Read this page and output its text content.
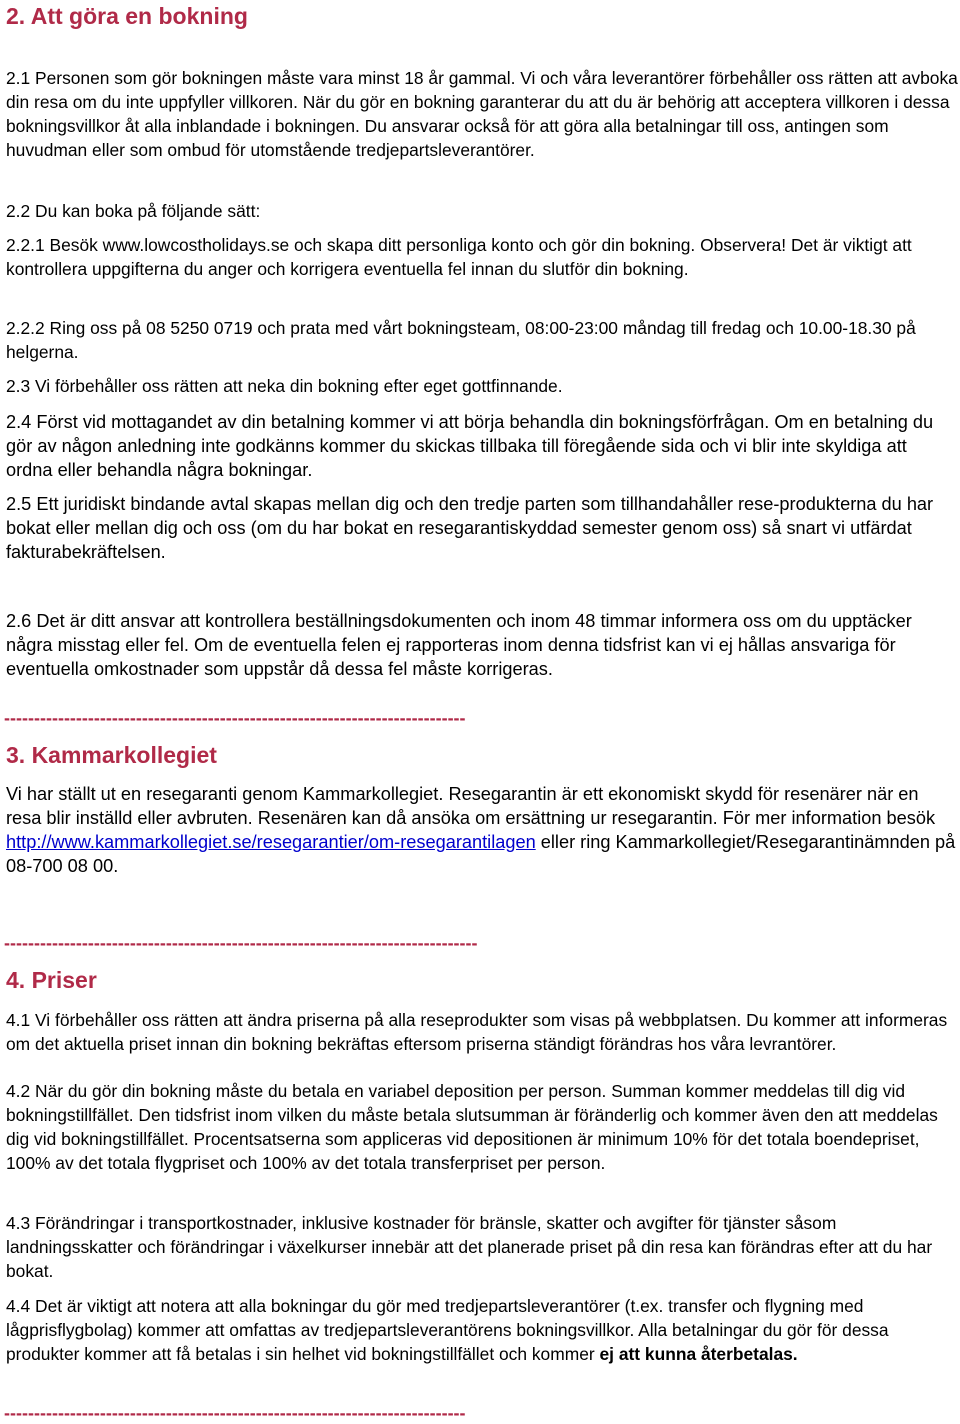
2. Att göra en bokning

2.1 Personen som gör bokningen måste vara minst 18 år gammal. Vi och våra leverantörer förbehåller oss rätten att avboka din resa om du inte uppfyller villkoren. När du gör en bokning garanterar du att du är behörig att acceptera villkoren i dessa bokningsvillkor åt alla inblandade i bokningen. Du ansvarar också för att göra alla betalningar till oss, antingen som huvudman eller som ombud för utomstående tredjepartsleverantörer.

2.2 Du kan boka på följande sätt:

2.2.1 Besök www.lowcostholidays.se och skapa ditt personliga konto och gör din bokning. Observera! Det är viktigt att kontrollera uppgifterna du anger och korrigera eventuella fel innan du slutför din bokning.

2.2.2 Ring oss på 08 5250 0719 och prata med vårt bokningsteam, 08:00-23:00 måndag till fredag och 10.00-18.30 på helgerna.

2.3 Vi förbehåller oss rätten att neka din bokning efter eget gottfinnande.

2.4 Först vid mottagandet av din betalning kommer vi att börja behandla din bokningsförfrågan. Om en betalning du gör av någon anledning inte godkänns kommer du skickas tillbaka till föregående sida och vi blir inte skyldiga att ordna eller behandla några bokningar.

2.5 Ett juridiskt bindande avtal skapas mellan dig och den tredje parten som tillhandahåller rese-produkterna du har bokat eller mellan dig och oss (om du har bokat en resegarantiskyddad semester genom oss) så snart vi utfärdat fakturabekräftelsen.

2.6 Det är ditt ansvar att kontrollera beställningsdokumenten och inom 48 timmar informera oss om du upptäcker några misstag eller fel. Om de eventuella felen ej rapporteras inom denna tidsfrist kan vi ej hållas ansvariga för eventuella omkostnader som uppstår då dessa fel måste korrigeras.

-----------------------------------------------------------------------------

3. Kammarkollegiet

Vi har ställt ut en resegaranti genom Kammarkollegiet. Resegarantin är ett ekonomiskt skydd för resenärer när en resa blir inställd eller avbruten. Resenären kan då ansöka om ersättning ur resegarantin. För mer information besök http://www.kammarkollegiet.se/resegarantier/om-resegarantilagen eller ring Kammarkollegiet/Resegarantinämnden på 08-700 08 00.

-------------------------------------------------------------------------------

4. Priser

4.1 Vi förbehåller oss rätten att ändra priserna på alla reseprodukter som visas på webbplatsen. Du kommer att informeras om det aktuella priset innan din bokning bekräftas eftersom priserna ständigt förändras hos våra levrantörer.

4.2 När du gör din bokning måste du betala en variabel deposition per person. Summan kommer meddelas till dig vid bokningstillfället. Den tidsfrist inom vilken du måste betala slutsumman är föränderlig och kommer även den att meddelas dig vid bokningstillfället. Procentsatserna som appliceras vid depositionen är minimum 10% för det totala boendepriset, 100% av det totala flygpriset och 100% av det totala transferpriset per person.

4.3 Förändringar i transportkostnader, inklusive kostnader för bränsle, skatter och avgifter för tjänster såsom landningsskatter och förändringar i växelkurser innebär att det planerade priset på din resa kan förändras efter att du har bokat.

4.4 Det är viktigt att notera att alla bokningar du gör med tredjepartsleverantörer (t.ex. transfer och flygning med lågprisflygbolag) kommer att omfattas av tredjepartsleverantörens bokningsvillkor. Alla betalningar du gör för dessa produkter kommer att få betalas i sin helhet vid bokningstillfället och kommer ej att kunna återbetalas.

-----------------------------------------------------------------------------
